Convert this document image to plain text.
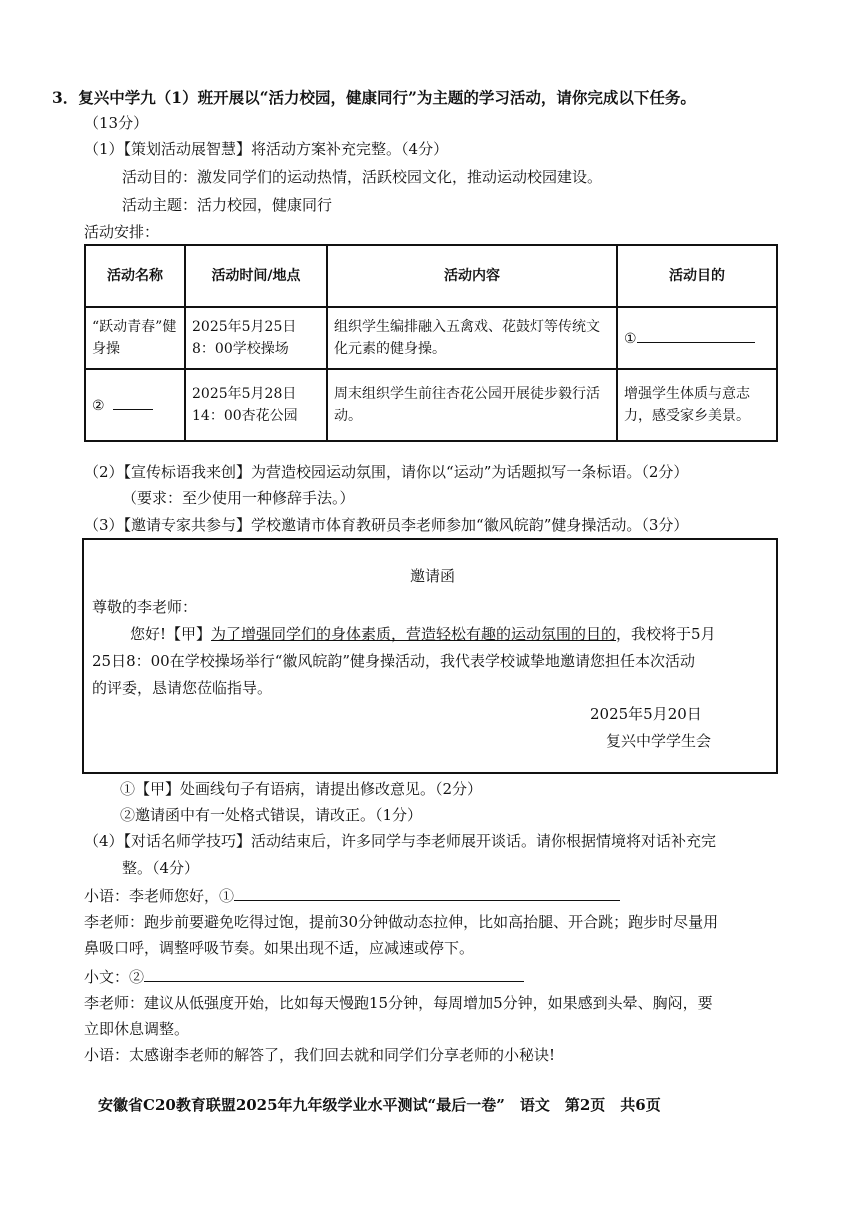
3．复兴中学九（1）班开展以“活力校园，健康同行”为主题的学习活动，请你完成以下任务。
（13分）
（1）【策划活动展智慧】将活动方案补充完整。（4分）
活动目的：激发同学们的运动热情，活跃校园文化，推动运动校园建设。
活动主题：活力校园，健康同行
活动安排：
活动名称	活动时间/地点	活动内容	活动目的
“跃动青春”健身操	2025年5月25日 8：00学校操场	组织学生编排融入五禽戏、花鼓灯等传统文化元素的健身操。	①
②	2025年5月28日 14：00杏花公园	周末组织学生前往杏花公园开展徒步毅行活动。	增强学生体质与意志力，感受家乡美景。
（2）【宣传标语我来创】为营造校园运动氛围，请你以“运动”为话题拟写一条标语。（2分）
（要求：至少使用一种修辞手法。）
（3）【邀请专家共参与】学校邀请市体育教研员李老师参加“徽风皖韵”健身操活动。（3分）
邀请函
尊敬的李老师：
您好!【甲】为了增强同学们的身体素质，营造轻松有趣的运动氛围的目的，我校将于5月
25日8：00在学校操场举行“徽风皖韵”健身操活动，我代表学校诚挚地邀请您担任本次活动
的评委，恳请您莅临指导。
2025年5月20日
复兴中学学生会
①【甲】处画线句子有语病，请提出修改意见。（2分）
②邀请函中有一处格式错误，请改正。（1分）
（4）【对话名师学技巧】活动结束后，许多同学与李老师展开谈话。请你根据情境将对话补充完
整。（4分）
小语：李老师您好，①
李老师：跑步前要避免吃得过饱，提前30分钟做动态拉伸，比如高抬腿、开合跳；跑步时尽量用
鼻吸口呼，调整呼吸节奏。如果出现不适，应减速或停下。
小文：②
李老师：建议从低强度开始，比如每天慢跑15分钟，每周增加5分钟，如果感到头晕、胸闷，要
立即休息调整。
小语：太感谢李老师的解答了，我们回去就和同学们分享老师的小秘诀!
安徽省C20教育联盟2025年九年级学业水平测试“最后一卷”　语文　第2页　共6页
